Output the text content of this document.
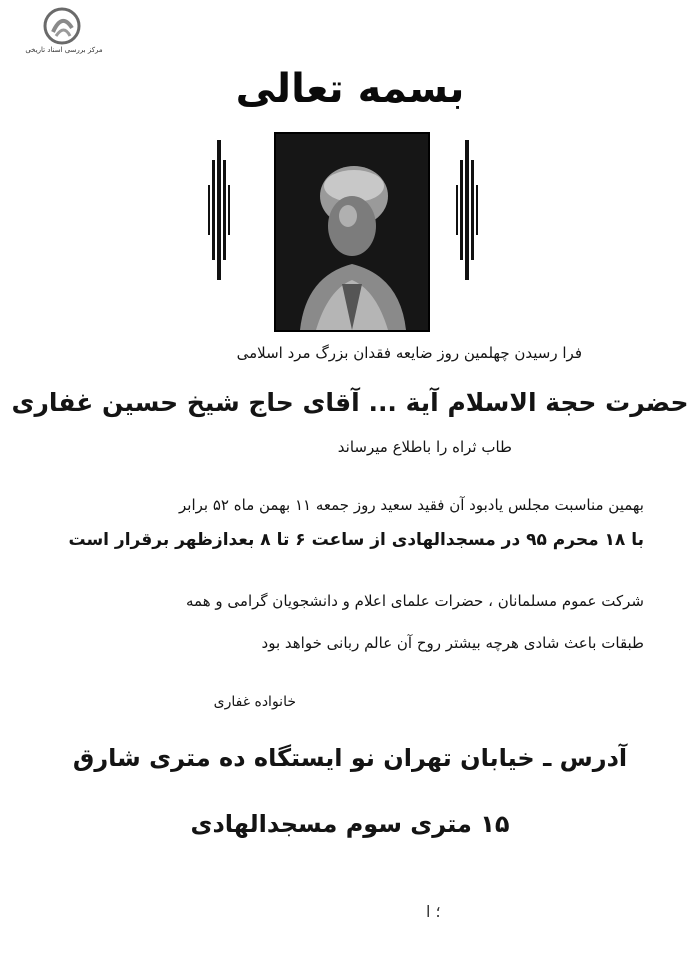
مرکز بررسی اسناد تاریخی
بسمه تعالی
فرا رسیدن چهلمین روز ضایعه فقدان بزرگ مرد اسلامی
حضرت حجة الاسلام آیة ... آقای حاج شیخ حسین غفاری
طاب ثراه را باطلاع میرساند
بهمین مناسبت مجلس یادبود آن فقید سعید روز جمعه ۱۱ بهمن ماه ۵۲ برابر
با ۱۸ محرم ۹۵ در مسجدالهادی از ساعت ۶ تا ۸ بعدازظهر برقرار است
شرکت عموم مسلمانان ، حضرات علمای اعلام و دانشجویان گرامی و همه
طبقات باعث شادی هرچه بیشتر روح آن عالم ربانی خواهد بود
خانواده غفاری
آدرس ـ خیابان تهران نو ایستگاه ده متری شارق
۱۵ متری سوم مسجدالهادی
؛ ا
